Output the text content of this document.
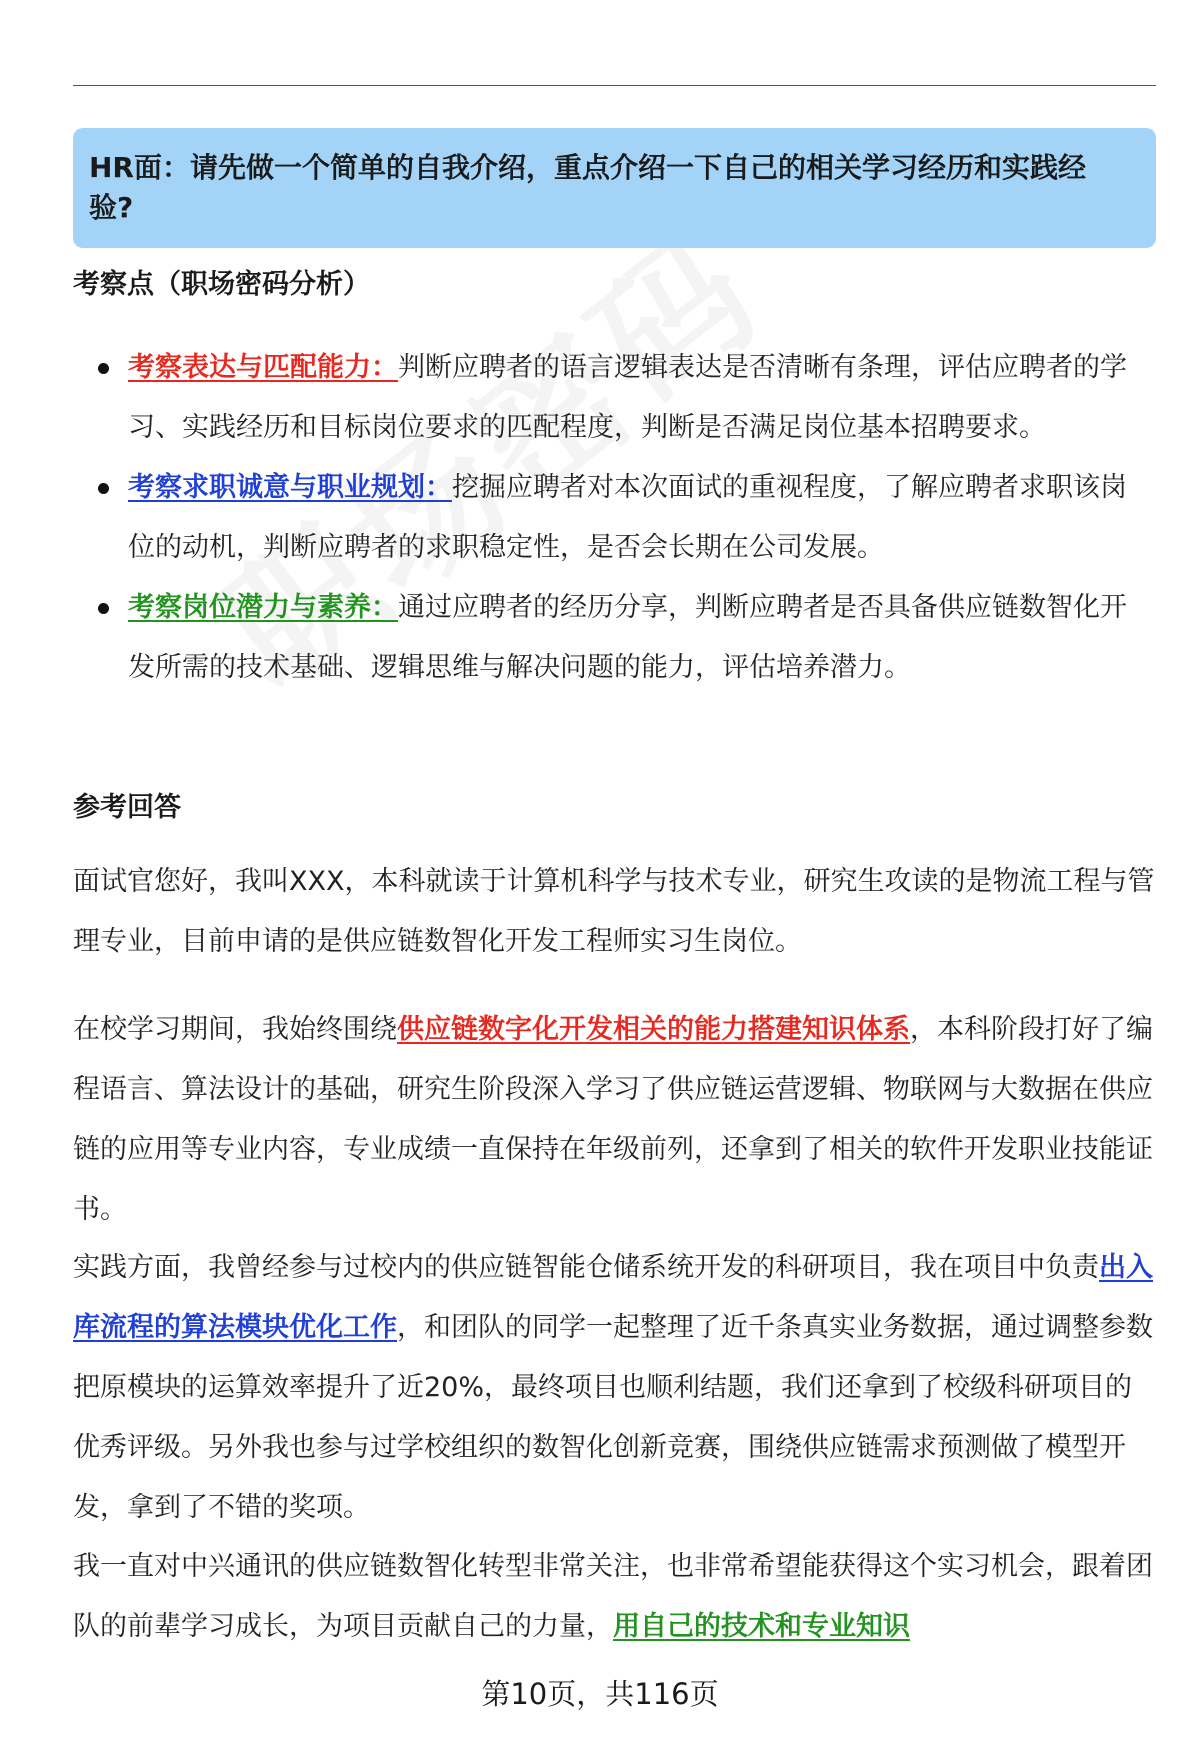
HR面：请先做一个简单的自我介绍，重点介绍一下自己的相关学习经历和实践经验?
考察点（职场密码分析）
考察表达与匹配能力：判断应聘者的语言逻辑表达是否清晰有条理，评估应聘者的学习、实践经历和目标岗位要求的匹配程度，判断是否满足岗位基本招聘要求。
考察求职诚意与职业规划：挖掘应聘者对本次面试的重视程度，了解应聘者求职该岗位的动机，判断应聘者的求职稳定性，是否会长期在公司发展。
考察岗位潜力与素养：通过应聘者的经历分享，判断应聘者是否具备供应链数智化开发所需的技术基础、逻辑思维与解决问题的能力，评估培养潜力。
参考回答

面试官您好，我叫XXX，本科就读于计算机科学与技术专业，研究生攻读的是物流工程与管理专业，目前申请的是供应链数智化开发工程师实习生岗位。

在校学习期间，我始终围绕供应链数字化开发相关的能力搭建知识体系，本科阶段打好了编程语言、算法设计的基础，研究生阶段深入学习了供应链运营逻辑、物联网与大数据在供应链的应用等专业内容，专业成绩一直保持在年级前列，还拿到了相关的软件开发职业技能证书。

实践方面，我曾经参与过校内的供应链智能仓储系统开发的科研项目，我在项目中负责出入库流程的算法模块优化工作，和团队的同学一起整理了近千条真实业务数据，通过调整参数把原模块的运算效率提升了近20%，最终项目也顺利结题，我们还拿到了校级科研项目的优秀评级。另外我也参与过学校组织的数智化创新竞赛，围绕供应链需求预测做了模型开发，拿到了不错的奖项。

我一直对中兴通讯的供应链数智化转型非常关注，也非常希望能获得这个实习机会，跟着团队的前辈学习成长，为项目贡献自己的力量，用自己的技术和专业知识

第10页，共116页
